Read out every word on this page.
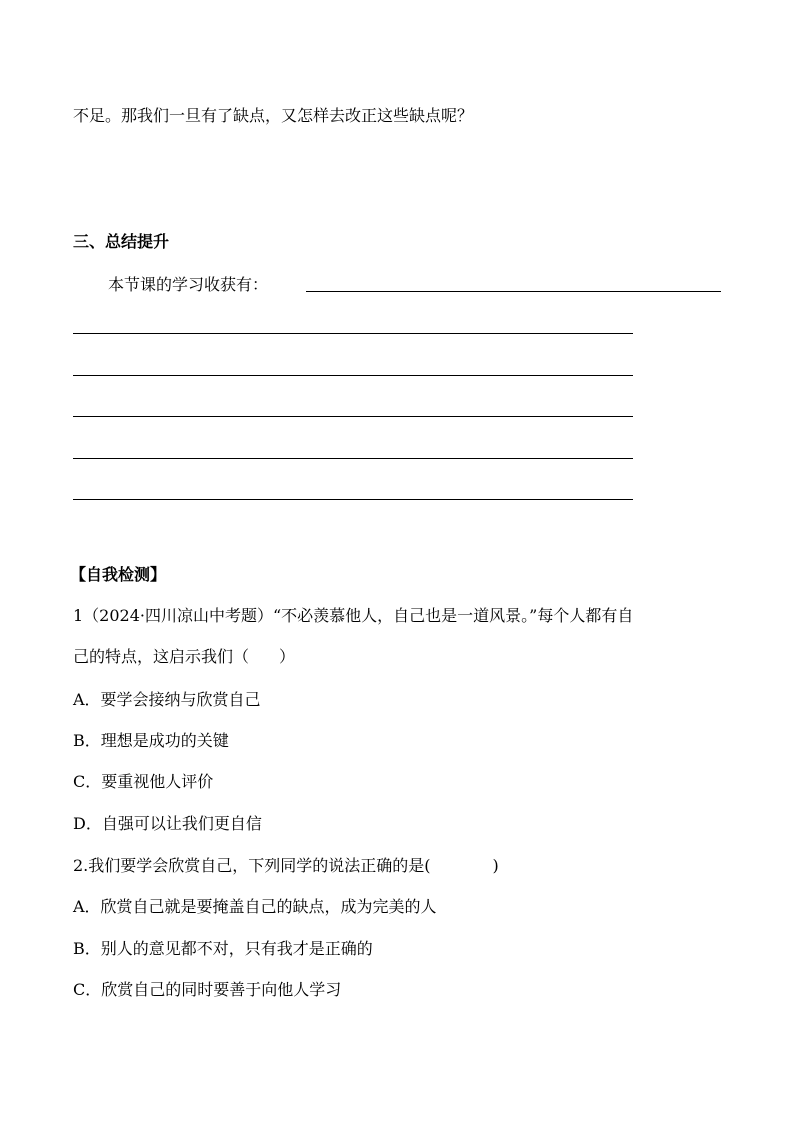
不足。那我们一旦有了缺点，又怎样去改正这些缺点呢？
三、总结提升
本节课的学习收获有：
【自我检测】
1（2024·四川凉山中考题）“不必羡慕他人，自己也是一道风景。”每个人都有自
己的特点，这启示我们（ ）
A．要学会接纳与欣赏自己
B．理想是成功的关键
C．要重视他人评价
D．自强可以让我们更自信
2.我们要学会欣赏自己，下列同学的说法正确的是(	)
A．欣赏自己就是要掩盖自己的缺点，成为完美的人
B．别人的意见都不对，只有我才是正确的
C．欣赏自己的同时要善于向他人学习
